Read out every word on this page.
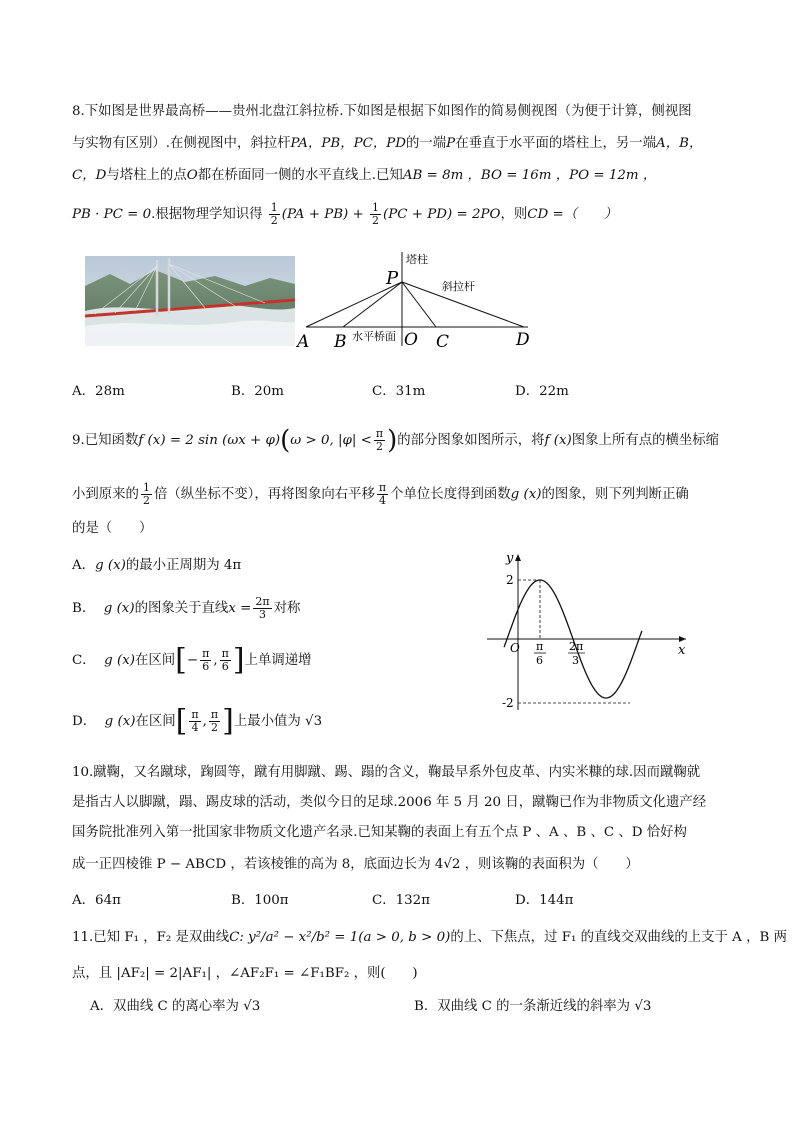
8.下如图是世界最高桥——贵州北盘江斜拉桥.下如图是根据下如图作的简易侧视图（为便于计算，侧视图
与实物有区别）.在侧视图中，斜拉杆PA，PB，PC，PD的一端P在垂直于水平面的塔柱上，另一端A，B，
C，D与塔柱上的点O都在桥面同一侧的水平直线上.已知AB = 8m ，BO = 16m ，PO = 12m ，
PB · PC = 0.根据物理学知识得 $\frac{1}{2} (PA + PB) + \frac{1}{2} (PC + PD) = 2PO$，则CD =（　　）
塔柱
斜拉杆
水平桥面
P
A B	O C	D
A．28m	B．20m	C．31m	D．22m
9.已知函数f (x) = 2 sin (ωx + φ)(ω > 0, $|\varphi| < \frac{\pi}{2}$ )的部分图象如图所示，将f (x)图象上所有点的横坐标缩
小到原来的 $\frac{1}{2}$ 倍（纵坐标不变），再将图象向右平移 $\frac{\pi}{4}$ 个单位长度得到函数g (x)的图象，则下列判断正确
的是（　　）
A．g (x)的最小正周期为 4π
B． g (x)的图象关于直线$x = \frac{2\pi}{3}$ 对称
C． g (x)在区间[− $\frac{\pi}{6}$ , $\frac{\pi}{6}$ ]上单调递增
D． g (x)在区间[ $\frac{\pi}{4}$ , $\frac{\pi}{2}$ ]上最小值为 √3
y
x
O
2
-2
π
6
2π
3
10.蹴鞠，又名蹴球，踘圆等，蹴有用脚蹴、踢、蹋的含义，鞠最早系外包皮革、内实米糠的球.因而蹴鞠就
是指古人以脚蹴，蹋、踢皮球的活动，类似今日的足球.2006 年 5 月 20 日，蹴鞠已作为非物质文化遗产经
国务院批准列入第一批国家非物质文化遗产名录.已知某鞠的表面上有五个点 P 、A 、B 、C 、D 恰好构
成一正四棱锥 P − ABCD ，若该棱锥的高为 8，底面边长为 4√2 ，则该鞠的表面积为（　　）
A．64π	B．100π	C．132π	D．144π
11.已知 F₁ ，F₂ 是双曲线C: y²/a² − x²/b² = 1(a > 0, b > 0)的上、下焦点，过 F₁ 的直线交双曲线的上支于 A ，B 两
点，且 |AF₂| = 2|AF₁| ，∠AF₂F₁ = ∠F₁BF₂ ，则(　　)
A．双曲线 C 的离心率为 √3	B．双曲线 C 的一条渐近线的斜率为 √3
